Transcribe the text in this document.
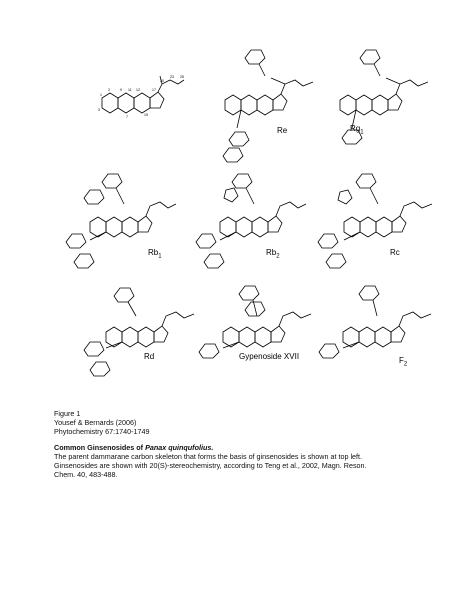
1
2
3
9 11 12	17
20
23 25
15
7
Re	$Rg_1$
$Rb_1$	$Rb_2$	Rc
Rd	Gypenoside XVII	$F_2$

Figure 1

Yousef & Bernards (2006)

Phytochemistry 67:1740-1749

Common Ginsenosides of Panax quinqufolius.

The parent dammarane carbon skeleton that forms the basis of ginsenosides is shown at top left.

Ginsenosides are shown with 20(S)-stereochemistry, according to Teng et al., 2002, Magn. Reson.

Chem. 40, 483-488.
